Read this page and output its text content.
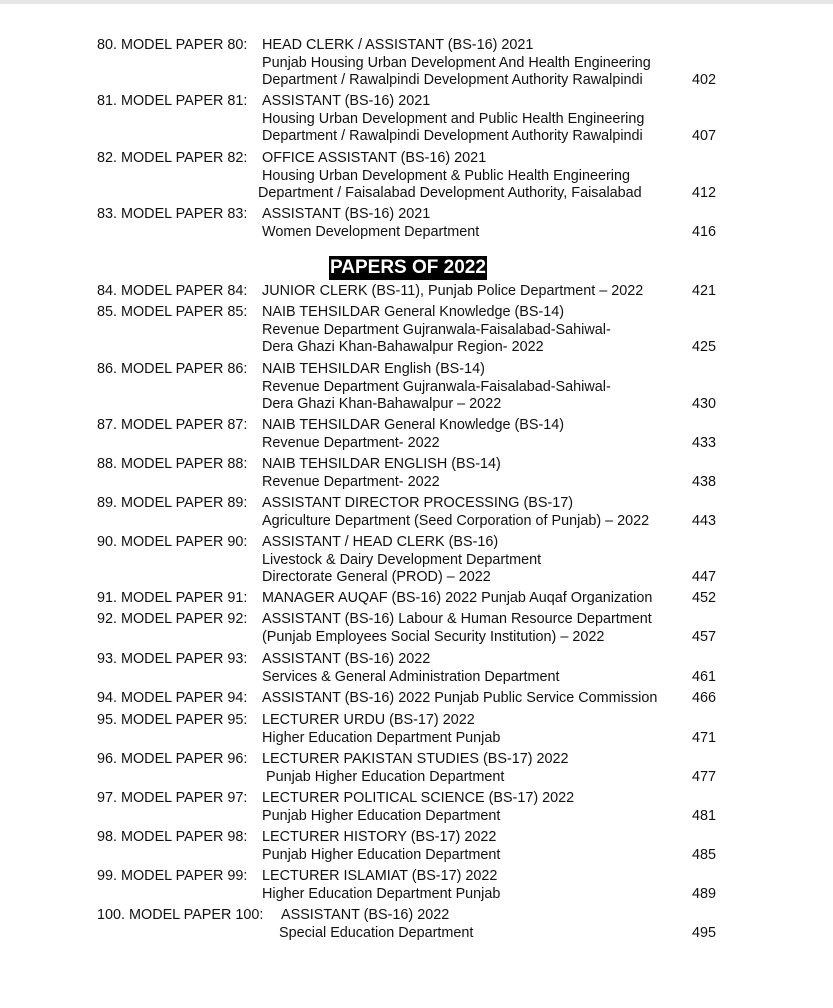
PAPERS OF 2022
80. MODEL PAPER 80: HEAD CLERK / ASSISTANT (BS-16) 2021
Punjab Housing Urban Development And Health Engineering
Department / Rawalpindi Development Authority Rawalpindi	402
81. MODEL PAPER 81: ASSISTANT (BS-16) 2021
Housing Urban Development and Public Health Engineering
Department / Rawalpindi Development Authority Rawalpindi	407
82. MODEL PAPER 82: OFFICE ASSISTANT (BS-16) 2021
Housing Urban Development & Public Health Engineering
Department / Faisalabad Development Authority, Faisalabad	412
83. MODEL PAPER 83: ASSISTANT (BS-16) 2021
Women Development Department	416
84. MODEL PAPER 84: JUNIOR CLERK (BS-11), Punjab Police Department – 2022	421
85. MODEL PAPER 85: NAIB TEHSILDAR General Knowledge (BS-14)
Revenue Department Gujranwala-Faisalabad-Sahiwal-
Dera Ghazi Khan-Bahawalpur Region- 2022	425
86. MODEL PAPER 86: NAIB TEHSILDAR English (BS-14)
Revenue Department Gujranwala-Faisalabad-Sahiwal-
Dera Ghazi Khan-Bahawalpur – 2022	430
87. MODEL PAPER 87: NAIB TEHSILDAR General Knowledge (BS-14)
Revenue Department- 2022	433
88. MODEL PAPER 88: NAIB TEHSILDAR ENGLISH (BS-14)
Revenue Department- 2022	438
89. MODEL PAPER 89: ASSISTANT DIRECTOR PROCESSING (BS-17)
Agriculture Department (Seed Corporation of Punjab) – 2022	443
90. MODEL PAPER 90: ASSISTANT / HEAD CLERK (BS-16)
Livestock & Dairy Development Department
Directorate General (PROD) – 2022	447
91. MODEL PAPER 91: MANAGER AUQAF (BS-16) 2022 Punjab Auqaf Organization	452
92. MODEL PAPER 92: ASSISTANT (BS-16) Labour & Human Resource Department
(Punjab Employees Social Security Institution) – 2022	457
93. MODEL PAPER 93: ASSISTANT (BS-16) 2022
Services & General Administration Department	461
94. MODEL PAPER 94: ASSISTANT (BS-16) 2022 Punjab Public Service Commission 466
95. MODEL PAPER 95: LECTURER URDU (BS-17) 2022
Higher Education Department Punjab	471
96. MODEL PAPER 96: LECTURER PAKISTAN STUDIES (BS-17) 2022
Punjab Higher Education Department	477
97. MODEL PAPER 97: LECTURER POLITICAL SCIENCE (BS-17) 2022
Punjab Higher Education Department	481
98. MODEL PAPER 98: LECTURER HISTORY (BS-17) 2022
Punjab Higher Education Department	485
99. MODEL PAPER 99: LECTURER ISLAMIAT (BS-17) 2022
Higher Education Department Punjab	489
100. MODEL PAPER 100: ASSISTANT (BS-16) 2022
Special Education Department	495
